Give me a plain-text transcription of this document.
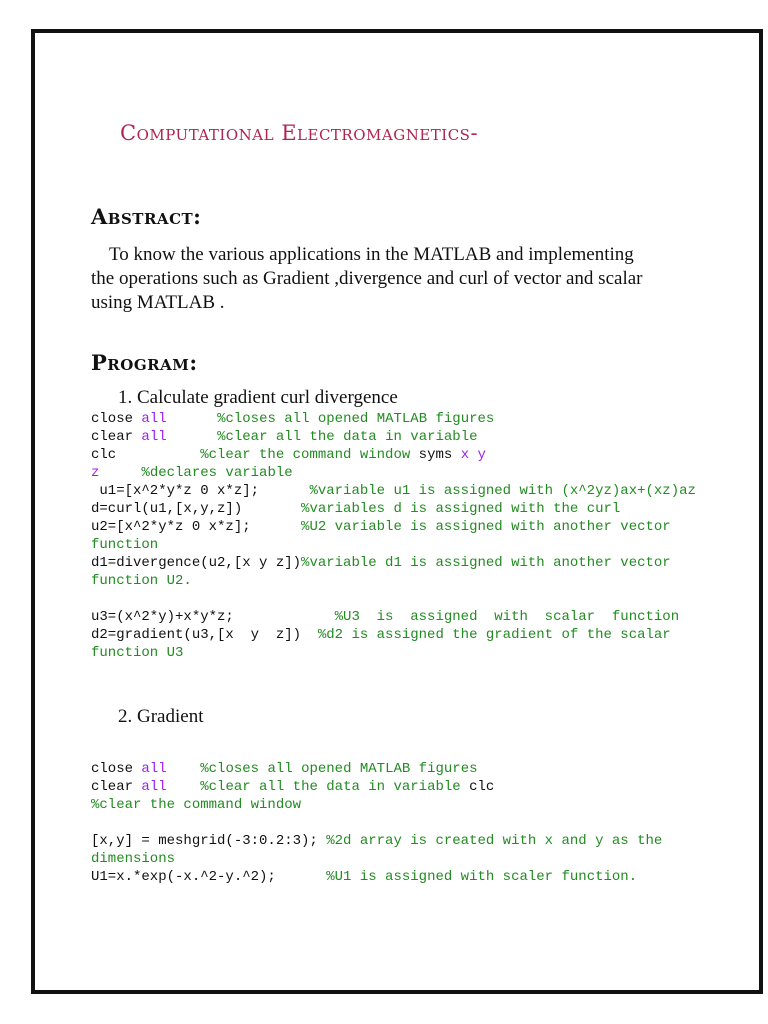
Computational Electromagnetics-
Abstract:
To know the various applications in the MATLAB and implementing
the operations such as Gradient ,divergence and curl of vector and scalar
using MATLAB .
Program:
1. Calculate gradient curl divergence
close all	%closes all opened MATLAB figures
clear all	%clear all the data in variable
clc          %clear the command window syms x y
z	%declares variable
u1=[x^2*y*z 0 x*z];      %variable u1 is assigned with (x^2yz)ax+(xz)az
d=curl(u1,[x,y,z])       %variables d is assigned with the curl
u2=[x^2*y*z 0 x*z];      %U2 variable is assigned with another vector
function
d1=divergence(u2,[x y z])%variable d1 is assigned with another vector
function U2.
u3=(x^2*y)+x*y*z;            %U3  is  assigned  with  scalar  function
d2=gradient(u3,[x  y  z])  %d2 is assigned the gradient of the scalar
function U3
2. Gradient
close all %closes all opened MATLAB figures
clear all %clear all the data in variable clc
%clear the command window
[x,y] = meshgrid(-3:0.2:3); %2d array is created with x and y as the
dimensions
U1=x.*exp(-x.^2-y.^2);      %U1 is assigned with scaler function.
